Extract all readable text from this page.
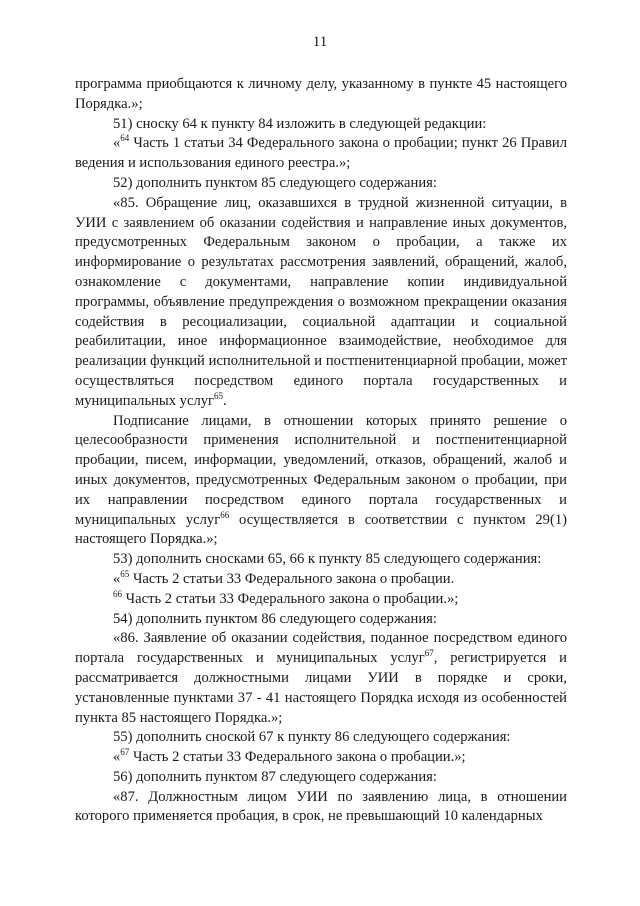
11

программа приобщаются к личному делу, указанному в пункте 45 настоящего Порядка.»;

51) сноску 64 к пункту 84 изложить в следующей редакции:

«$^{64}$ Часть 1 статьи 34 Федерального закона о пробации; пункт 26 Правил ведения и использования единого реестра.»;

52) дополнить пунктом 85 следующего содержания:

«85. Обращение лиц, оказавшихся в трудной жизненной ситуации, в УИИ с заявлением об оказании содействия и направление иных документов, предусмотренных Федеральным законом о пробации, а также их информирование о результатах рассмотрения заявлений, обращений, жалоб, ознакомление с документами, направление копии индивидуальной программы, объявление предупреждения о возможном прекращении оказания содействия в ресоциализации, социальной адаптации и социальной реабилитации, иное информационное взаимодействие, необходимое для реализации функций исполнительной и постпенитенциарной пробации, может осуществляться посредством единого портала государственных и муниципальных услуг$^{65}$.

Подписание лицами, в отношении которых принято решение о целесообразности применения исполнительной и постпенитенциарной пробации, писем, информации, уведомлений, отказов, обращений, жалоб и иных документов, предусмотренных Федеральным законом о пробации, при их направлении посредством единого портала государственных и муниципальных услуг$^{66}$ осуществляется в соответствии с пунктом 29(1) настоящего Порядка.»;

53) дополнить сносками 65, 66 к пункту 85 следующего содержания:

«$^{65}$ Часть 2 статьи 33 Федерального закона о пробации.

$^{66}$ Часть 2 статьи 33 Федерального закона о пробации.»;

54) дополнить пунктом 86 следующего содержания:

«86. Заявление об оказании содействия, поданное посредством единого портала государственных и муниципальных услуг$^{67}$, регистрируется и рассматривается должностными лицами УИИ в порядке и сроки, установленные пунктами 37 - 41 настоящего Порядка исходя из особенностей пункта 85 настоящего Порядка.»;

55) дополнить сноской 67 к пункту 86 следующего содержания:

«$^{67}$ Часть 2 статьи 33 Федерального закона о пробации.»;

56) дополнить пунктом 87 следующего содержания:

«87. Должностным лицом УИИ по заявлению лица, в отношении которого применяется пробация, в срок, не превышающий 10 календарных
